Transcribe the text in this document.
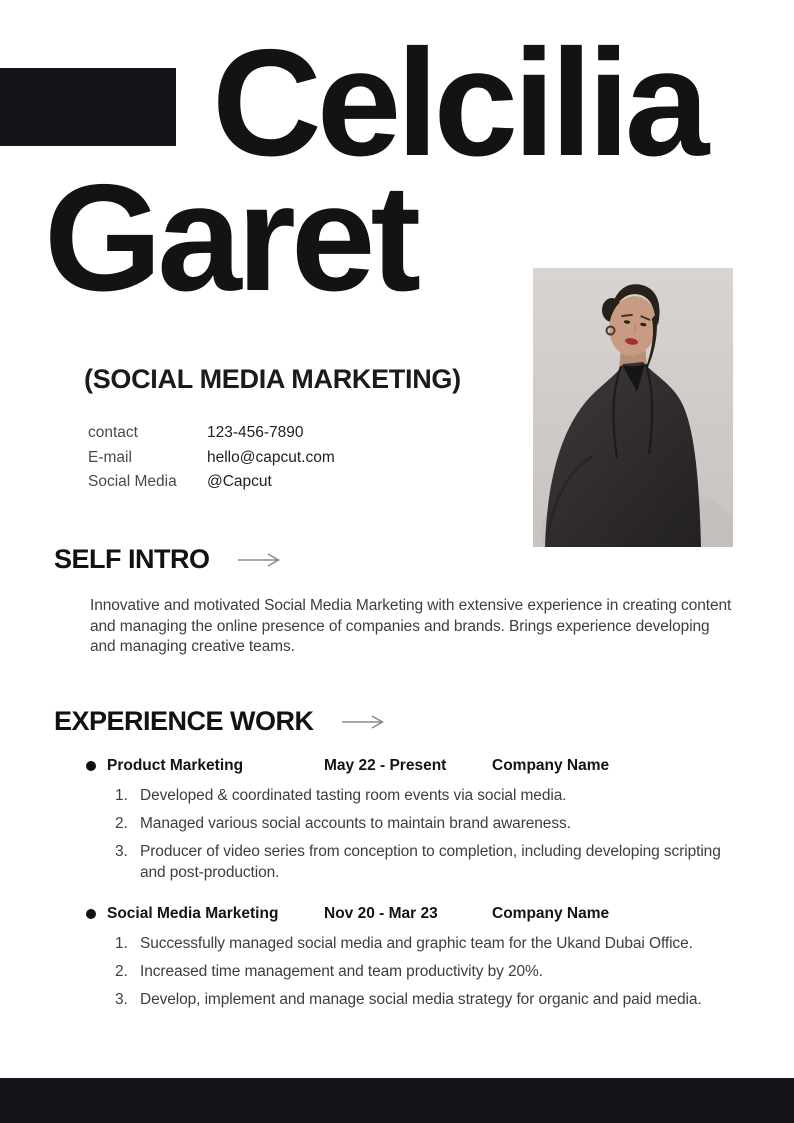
Celcilia
Garet
(SOCIAL MEDIA MARKETING)
contact	123-456-7890
E-mail	hello@capcut.com
Social Media	@Capcut
SELF INTRO

Innovative and motivated Social Media Marketing with extensive experience in creating content and managing the online presence of companies and brands. Brings experience developing and managing creative teams.

EXPERIENCE WORK
Product Marketing	May 22 - Present	Company Name
Developed & coordinated tasting room events via social media.
Managed various social accounts to maintain brand awareness.
Producer of video series from conception to completion, including developing scripting and post-production.
Social Media Marketing	Nov 20 - Mar 23	Company Name
Successfully managed social media and graphic team for the Ukand Dubai Office.
Increased time management and team productivity by 20%.
Develop, implement and manage social media strategy for organic and paid media.
